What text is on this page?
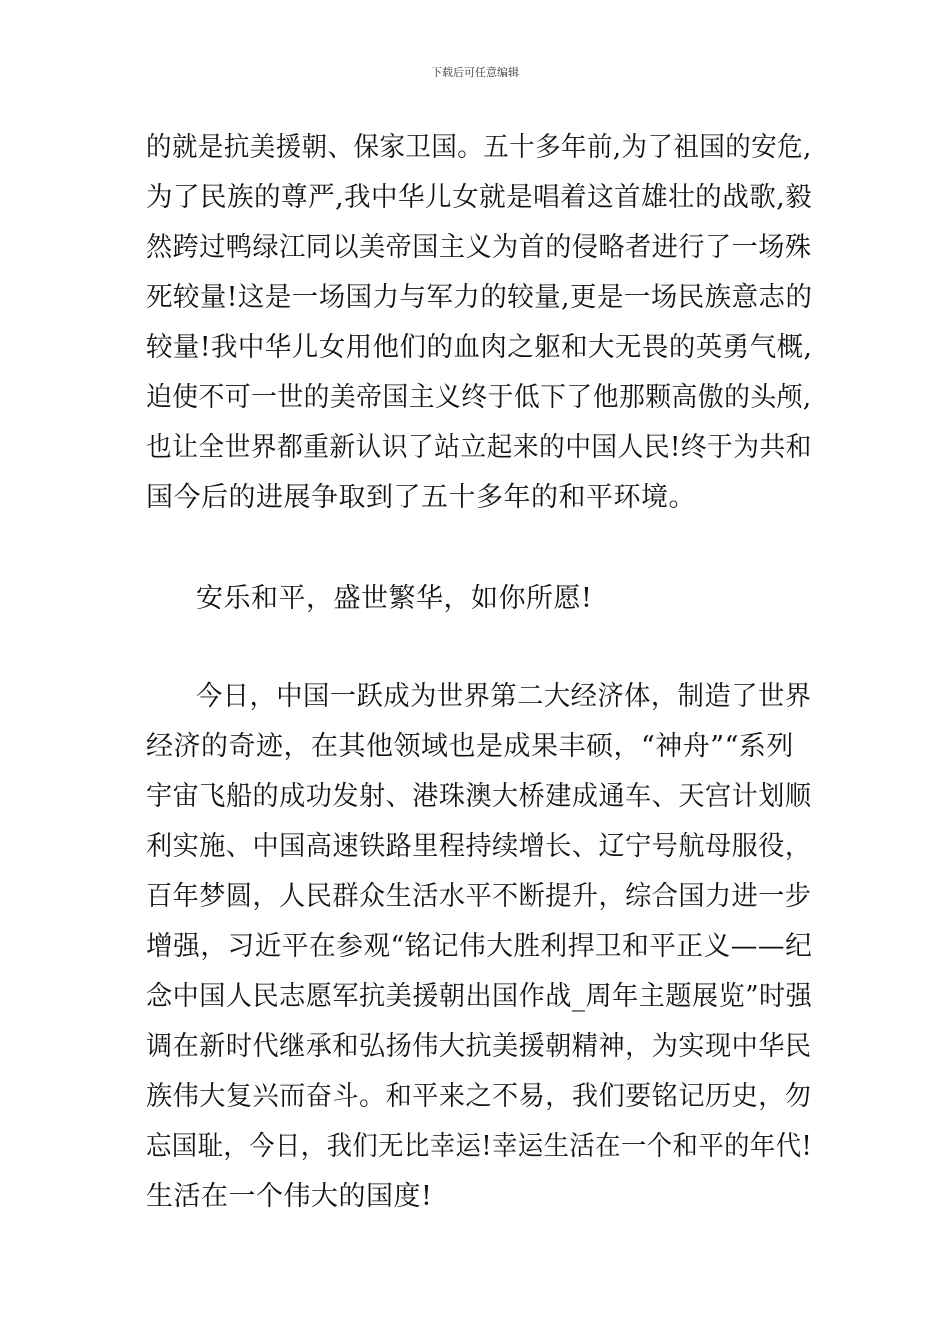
下载后可任意编辑
的就是抗美援朝、保家卫国。五十多年前,为了祖国的安危,
为了民族的尊严,我中华儿女就是唱着这首雄壮的战歌,毅
然跨过鸭绿江同以美帝国主义为首的侵略者进行了一场殊
死较量!这是一场国力与军力的较量,更是一场民族意志的
较量!我中华儿女用他们的血肉之躯和大无畏的英勇气概,
迫使不可一世的美帝国主义终于低下了他那颗高傲的头颅,
也让全世界都重新认识了站立起来的中国人民!终于为共和
国今后的进展争取到了五十多年的和平环境。
安乐和平，盛世繁华，如你所愿!
今日，中国一跃成为世界第二大经济体，制造了世界
经济的奇迹，在其他领域也是成果丰硕，“神舟”“系列
宇宙飞船的成功发射、港珠澳大桥建成通车、天宫计划顺
利实施、中国高速铁路里程持续增长、辽宁号航母服役，
百年梦圆，人民群众生活水平不断提升，综合国力进一步
增强，习近平在参观“铭记伟大胜利捍卫和平正义——纪
念中国人民志愿军抗美援朝出国作战_周年主题展览”时强
调在新时代继承和弘扬伟大抗美援朝精神，为实现中华民
族伟大复兴而奋斗。和平来之不易，我们要铭记历史，勿
忘国耻，今日，我们无比幸运!幸运生活在一个和平的年代!
生活在一个伟大的国度!
